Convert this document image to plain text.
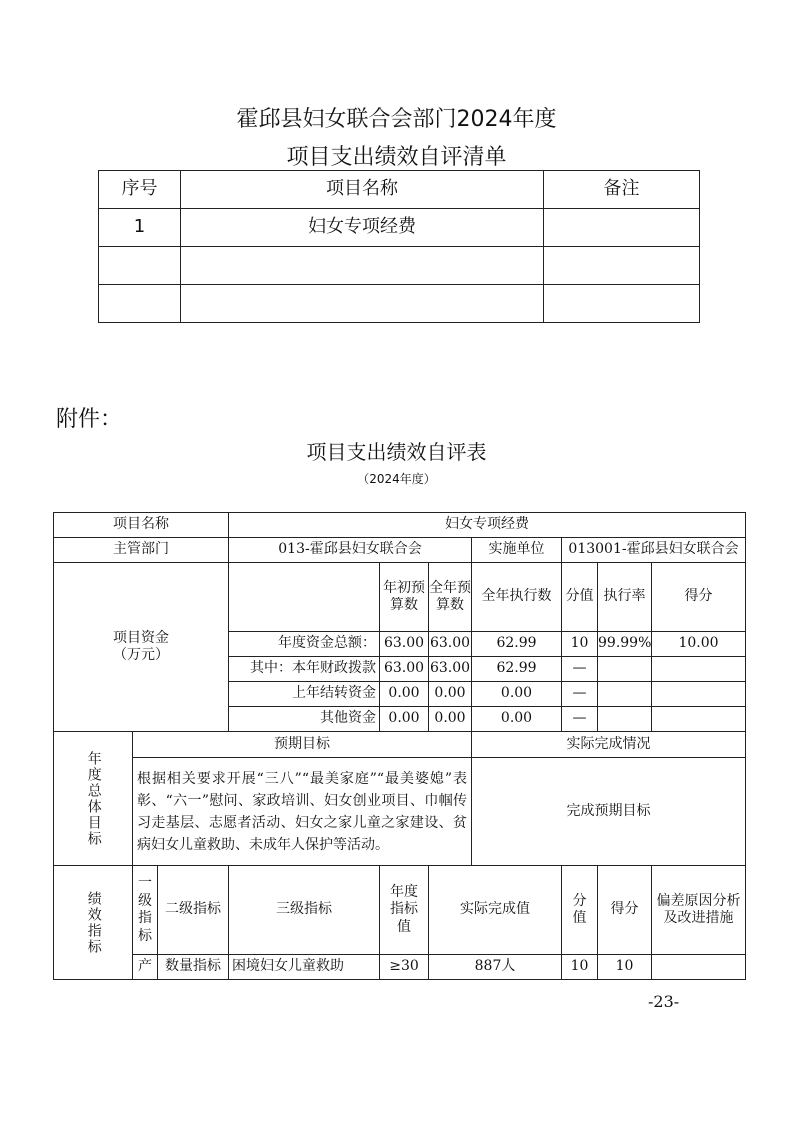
霍邱县妇女联合会部门2024年度
项目支出绩效自评清单
序号	项目名称	备注
1	妇女专项经费	

附件：
项目支出绩效自评表
（2024年度）
项目名称			妇女专项经费						
主管部门			013-霍邱县妇女联合会			实施单位	013001-霍邱县妇女联合会		

项目资金
（万元）				年初预算数	全年预算数	全年执行数	分值	执行率	得分
			年度资金总额：	63.00	63.00	62.99	10	99.99%	10.00
			其中：本年财政拨款	63.00	63.00	62.99	—		
			上年结转资金	0.00	0.00	0.00	—		
			其他资金	0.00	0.00	0.00	—		

年度总体目标	预期目标					实际完成情况			
	根据相关要求开展“三八”“最美家庭”“最美婆媳”表彰、“六一”慰问、家政培训、妇女创业项目、巾帼传习走基层、志愿者活动、妇女之家儿童之家建设、贫病妇女儿童救助、未成年人保护等活动。					完成预期目标			

绩效指标	一级指标	二级指标	三级指标	年度指标值	实际完成值		分值	得分	偏差原因分析及改进措施

	产	数量指标	困境妇女儿童救助	≥30	887人		10	10	
-23-
